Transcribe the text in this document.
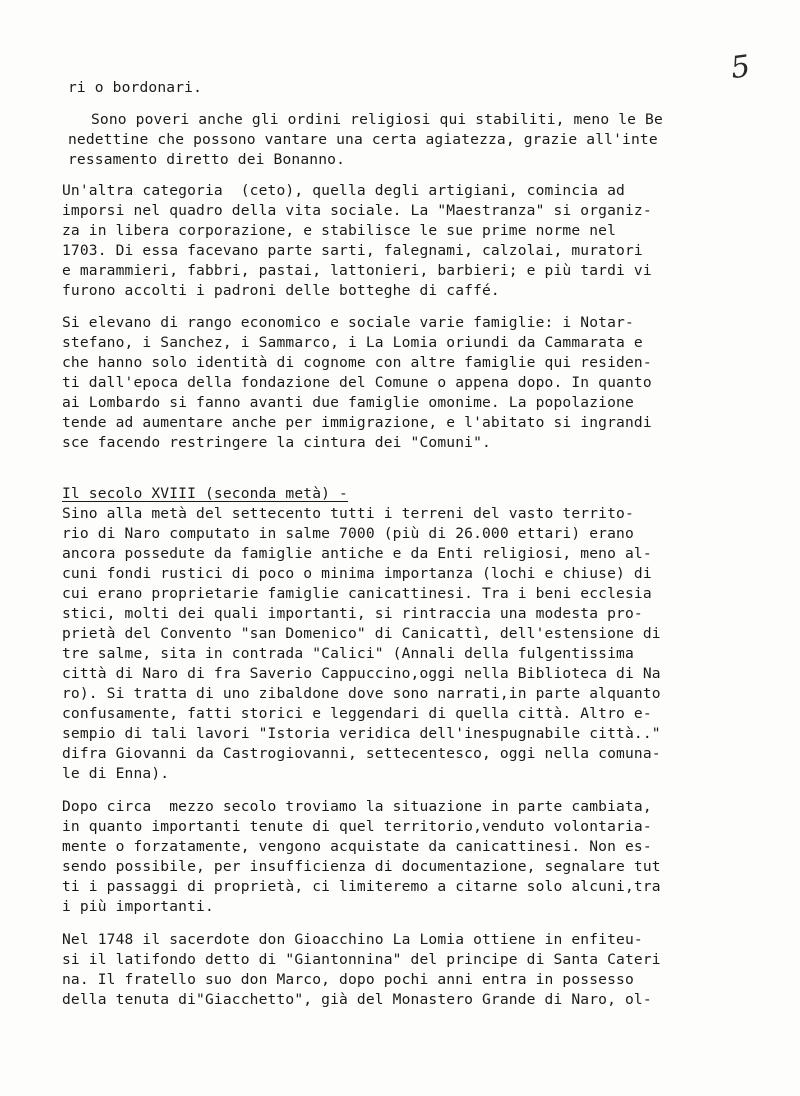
5
ri o bordonari.
Sono poveri anche gli ordini religiosi qui stabiliti, meno le Be
nedettine che possono vantare una certa agiatezza, grazie all'inte
ressamento diretto dei Bonanno.
Un'altra categoria  (ceto), quella degli artigiani, comincia ad
imporsi nel quadro della vita sociale. La "Maestranza" si organiz-
za in libera corporazione, e stabilisce le sue prime norme nel
1703. Di essa facevano parte sarti, falegnami, calzolai, muratori
e marammieri, fabbri, pastai, lattonieri, barbieri; e più tardi vi
furono accolti i padroni delle botteghe di caffé.
Si elevano di rango economico e sociale varie famiglie: i Notar-
stefano, i Sanchez, i Sammarco, i La Lomia oriundi da Cammarata e
che hanno solo identità di cognome con altre famiglie qui residen-
ti dall'epoca della fondazione del Comune o appena dopo. In quanto
ai Lombardo si fanno avanti due famiglie omonime. La popolazione
tende ad aumentare anche per immigrazione, e l'abitato si ingrandi
sce facendo restringere la cintura dei "Comuni".
Il secolo XVIII (seconda metà) -
Sino alla metà del settecento tutti i terreni del vasto territo-
rio di Naro computato in salme 7000 (più di 26.000 ettari) erano
ancora possedute da famiglie antiche e da Enti religiosi, meno al-
cuni fondi rustici di poco o minima importanza (lochi e chiuse) di
cui erano proprietarie famiglie canicattinesi. Tra i beni ecclesia
stici, molti dei quali importanti, si rintraccia una modesta pro-
prietà del Convento "san Domenico" di Canicattì, dell'estensione di
tre salme, sita in contrada "Calici" (Annali della fulgentissima
città di Naro di fra Saverio Cappuccino,oggi nella Biblioteca di Na
ro). Si tratta di uno zibaldone dove sono narrati,in parte alquanto
confusamente, fatti storici e leggendari di quella città. Altro e-
sempio di tali lavori "Istoria veridica dell'inespugnabile città.."
difra Giovanni da Castrogiovanni, settecentesco, oggi nella comuna-
le di Enna).
Dopo circa  mezzo secolo troviamo la situazione in parte cambiata,
in quanto importanti tenute di quel territorio,venduto volontaria-
mente o forzatamente, vengono acquistate da canicattinesi. Non es-
sendo possibile, per insufficienza di documentazione, segnalare tut
ti i passaggi di proprietà, ci limiteremo a citarne solo alcuni,tra
i più importanti.
Nel 1748 il sacerdote don Gioacchino La Lomia ottiene in enfiteu-
si il latifondo detto di "Giantonnina" del principe di Santa Cateri
na. Il fratello suo don Marco, dopo pochi anni entra in possesso
della tenuta di"Giacchetto", già del Monastero Grande di Naro, ol-
